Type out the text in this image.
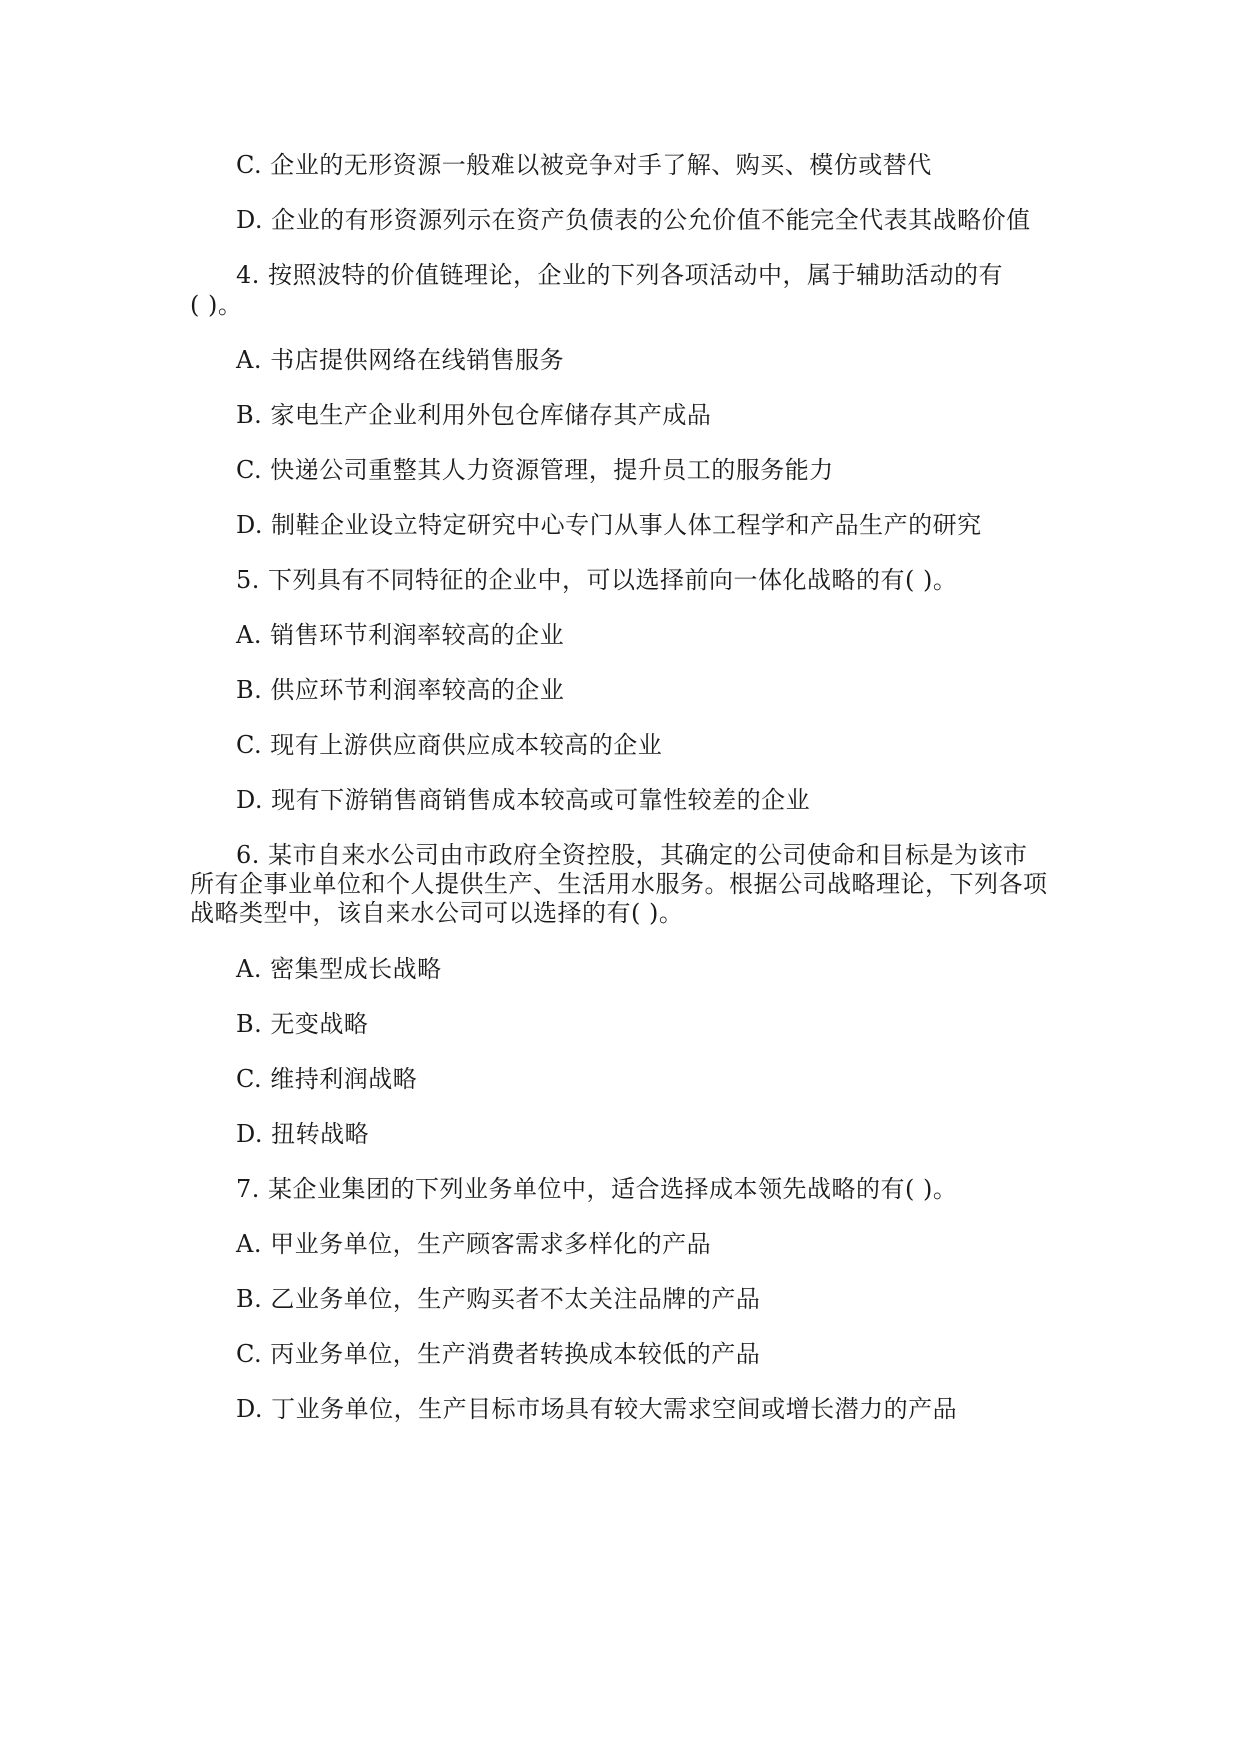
C. 企业的无形资源一般难以被竞争对手了解、购买、模仿或替代
D. 企业的有形资源列示在资产负债表的公允价值不能完全代表其战略价值
4. 按照波特的价值链理论，企业的下列各项活动中，属于辅助活动的有
( )。
A. 书店提供网络在线销售服务
B. 家电生产企业利用外包仓库储存其产成品
C. 快递公司重整其人力资源管理，提升员工的服务能力
D. 制鞋企业设立特定研究中心专门从事人体工程学和产品生产的研究
5. 下列具有不同特征的企业中，可以选择前向一体化战略的有( )。
A. 销售环节利润率较高的企业
B. 供应环节利润率较高的企业
C. 现有上游供应商供应成本较高的企业
D. 现有下游销售商销售成本较高或可靠性较差的企业
6. 某市自来水公司由市政府全资控股，其确定的公司使命和目标是为该市
所有企事业单位和个人提供生产、生活用水服务。根据公司战略理论，下列各项
战略类型中，该自来水公司可以选择的有( )。
A. 密集型成长战略
B. 无变战略
C. 维持利润战略
D. 扭转战略
7. 某企业集团的下列业务单位中，适合选择成本领先战略的有( )。
A. 甲业务单位，生产顾客需求多样化的产品
B. 乙业务单位，生产购买者不太关注品牌的产品
C. 丙业务单位，生产消费者转换成本较低的产品
D. 丁业务单位，生产目标市场具有较大需求空间或增长潜力的产品
